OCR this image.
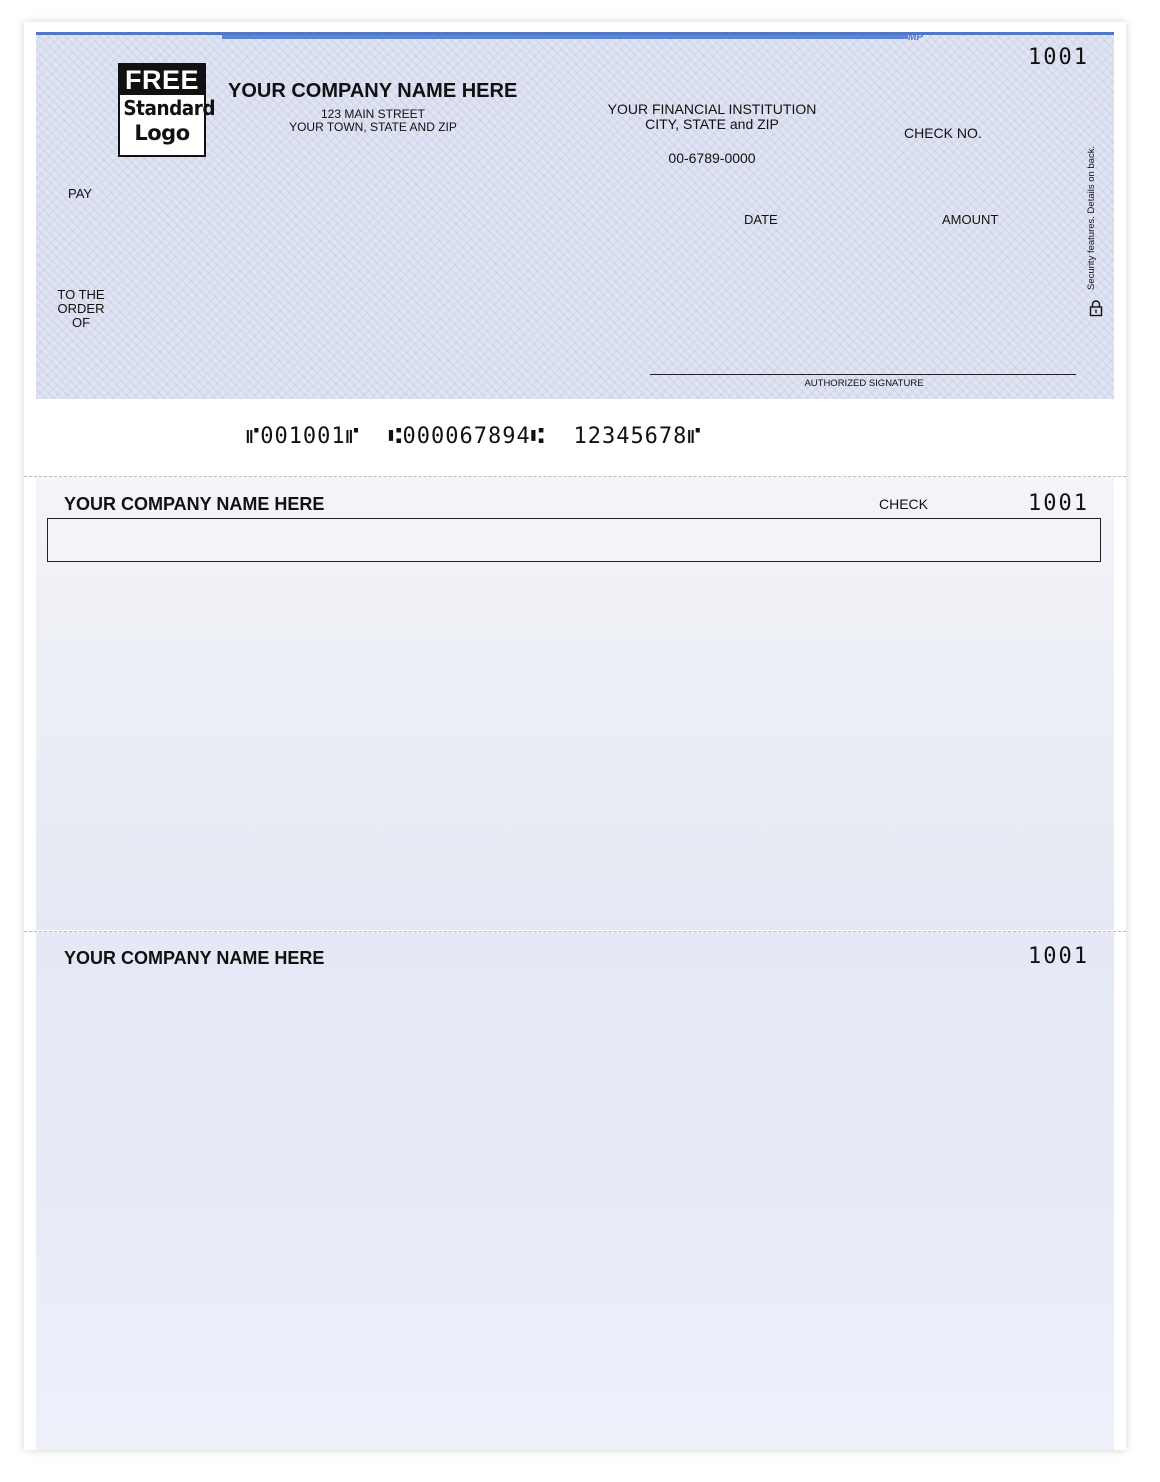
MP
FREE
Standard
Logo
YOUR COMPANY NAME HERE
123 MAIN STREET
YOUR TOWN, STATE AND ZIP
YOUR FINANCIAL INSTITUTION
CITY, STATE and ZIP
00-6789-0000
1001
CHECK NO.
PAY
DATE	AMOUNT
TO THE
ORDER
OF
Security features. Details on back.
AUTHORIZED SIGNATURE
⑈001001⑈  ⑆000067894⑆  12345678⑈
YOUR COMPANY NAME HERE	CHECK	1001
YOUR COMPANY NAME HERE	1001
